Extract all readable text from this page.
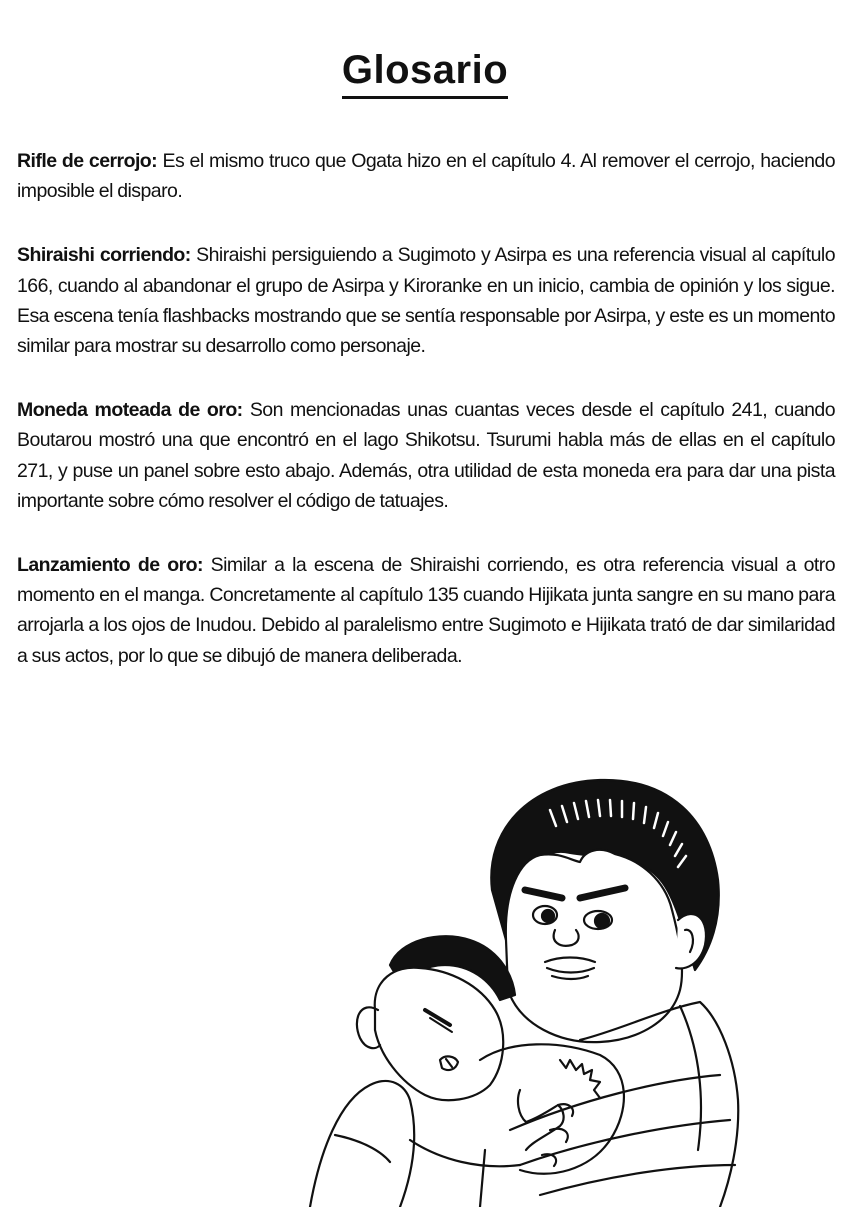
Glosario

Rifle de cerrojo: Es el mismo truco que Ogata hizo en el capítulo 4. Al remover el cerrojo, haciendo imposible el disparo.

Shiraishi corriendo: Shiraishi persiguiendo a Sugimoto y Asirpa es una referencia visual al capítulo 166, cuando al abandonar el grupo de Asirpa y Kiroranke en un inicio, cambia de opinión y los sigue. Esa escena tenía flashbacks mostrando que se sentía responsable por Asirpa, y este es un momento similar para mostrar su desarrollo como personaje.

Moneda moteada de oro: Son mencionadas unas cuantas veces desde el capítulo 241, cuando Boutarou mostró una que encontró en el lago Shikotsu. Tsurumi habla más de ellas en el capítulo 271, y puse un panel sobre esto abajo. Además, otra utilidad de esta moneda era para dar una pista importante sobre cómo resolver el código de tatuajes.

Lanzamiento de oro: Similar a la escena de Shiraishi corriendo, es otra referencia visual a otro momento en el manga. Concretamente al capítulo 135 cuando Hijikata junta sangre en su mano para arrojarla a los ojos de Inudou. Debido al paralelismo entre Sugimoto e Hijikata trató de dar similaridad a sus actos, por lo que se dibujó de manera deliberada.
